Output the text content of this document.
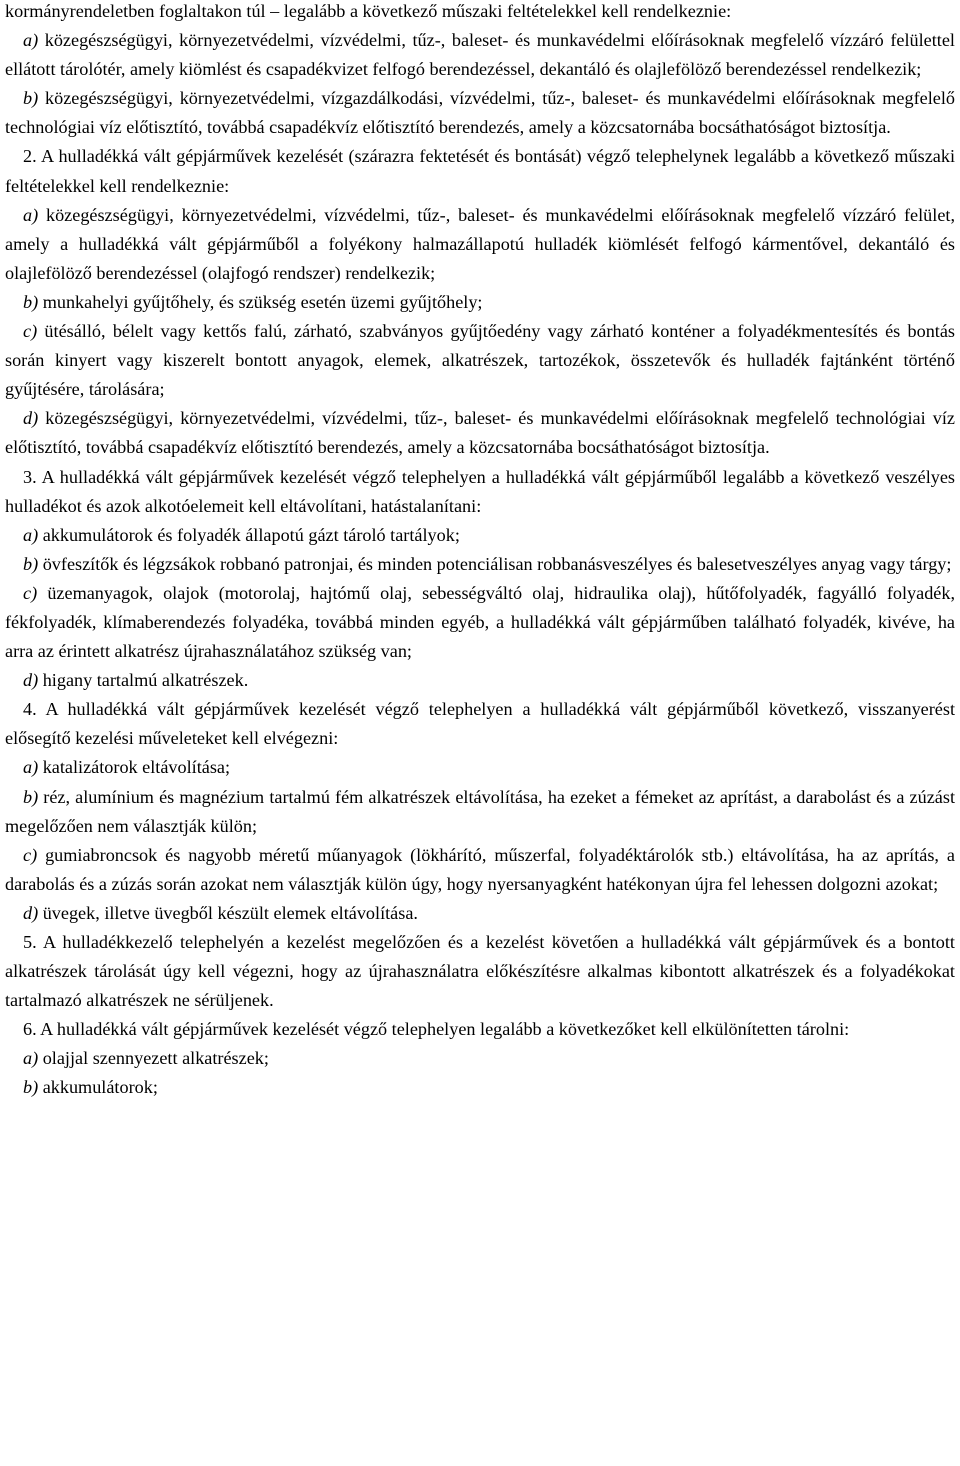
kormányrendeletben foglaltakon túl – legalább a következő műszaki feltételekkel kell rendelkeznie:

a) közegészségügyi, környezetvédelmi, vízvédelmi, tűz-, baleset- és munkavédelmi előírásoknak megfelelő vízzáró felülettel ellátott tárolótér, amely kiömlést és csapadékvizet felfogó berendezéssel, dekantáló és olajlefölöző berendezéssel rendelkezik;

b) közegészségügyi, környezetvédelmi, vízgazdálkodási, vízvédelmi, tűz-, baleset- és munkavédelmi előírásoknak megfelelő technológiai víz előtisztító, továbbá csapadékvíz előtisztító berendezés, amely a közcsatornába bocsáthatóságot biztosítja.

2. A hulladékká vált gépjárművek kezelését (szárazra fektetését és bontását) végző telephelynek legalább a következő műszaki feltételekkel kell rendelkeznie:

a) közegészségügyi, környezetvédelmi, vízvédelmi, tűz-, baleset- és munkavédelmi előírásoknak megfelelő vízzáró felület, amely a hulladékká vált gépjárműből a folyékony halmazállapotú hulladék kiömlését felfogó kármentővel, dekantáló és olajlefölöző berendezéssel (olajfogó rendszer) rendelkezik;

b) munkahelyi gyűjtőhely, és szükség esetén üzemi gyűjtőhely;

c) ütésálló, bélelt vagy kettős falú, zárható, szabványos gyűjtőedény vagy zárható konténer a folyadékmentesítés és bontás során kinyert vagy kiszerelt bontott anyagok, elemek, alkatrészek, tartozékok, összetevők és hulladék fajtánként történő gyűjtésére, tárolására;

d) közegészségügyi, környezetvédelmi, vízvédelmi, tűz-, baleset- és munkavédelmi előírásoknak megfelelő technológiai víz előtisztító, továbbá csapadékvíz előtisztító berendezés, amely a közcsatornába bocsáthatóságot biztosítja.

3. A hulladékká vált gépjárművek kezelését végző telephelyen a hulladékká vált gépjárműből legalább a következő veszélyes hulladékot és azok alkotóelemeit kell eltávolítani, hatástalanítani:

a) akkumulátorok és folyadék állapotú gázt tároló tartályok;

b) övfeszítők és légzsákok robbanó patronjai, és minden potenciálisan robbanásveszélyes és balesetveszélyes anyag vagy tárgy;

c) üzemanyagok, olajok (motorolaj, hajtómű olaj, sebességváltó olaj, hidraulika olaj), hűtőfolyadék, fagyálló folyadék, fékfolyadék, klímaberendezés folyadéka, továbbá minden egyéb, a hulladékká vált gépjárműben található folyadék, kivéve, ha arra az érintett alkatrész újrahasználatához szükség van;

d) higany tartalmú alkatrészek.

4. A hulladékká vált gépjárművek kezelését végző telephelyen a hulladékká vált gépjárműből következő, visszanyerést elősegítő kezelési műveleteket kell elvégezni:

a) katalizátorok eltávolítása;

b) réz, alumínium és magnézium tartalmú fém alkatrészek eltávolítása, ha ezeket a fémeket az aprítást, a darabolást és a zúzást megelőzően nem választják külön;

c) gumiabroncsok és nagyobb méretű műanyagok (lökhárító, műszerfal, folyadéktárolók stb.) eltávolítása, ha az aprítás, a darabolás és a zúzás során azokat nem választják külön úgy, hogy nyersanyagként hatékonyan újra fel lehessen dolgozni azokat;

d) üvegek, illetve üvegből készült elemek eltávolítása.

5. A hulladékkezelő telephelyén a kezelést megelőzően és a kezelést követően a hulladékká vált gépjárművek és a bontott alkatrészek tárolását úgy kell végezni, hogy az újrahasználatra előkészítésre alkalmas kibontott alkatrészek és a folyadékokat tartalmazó alkatrészek ne sérüljenek.

6. A hulladékká vált gépjárművek kezelését végző telephelyen legalább a következőket kell elkülönítetten tárolni:

a) olajjal szennyezett alkatrészek;

b) akkumulátorok;
